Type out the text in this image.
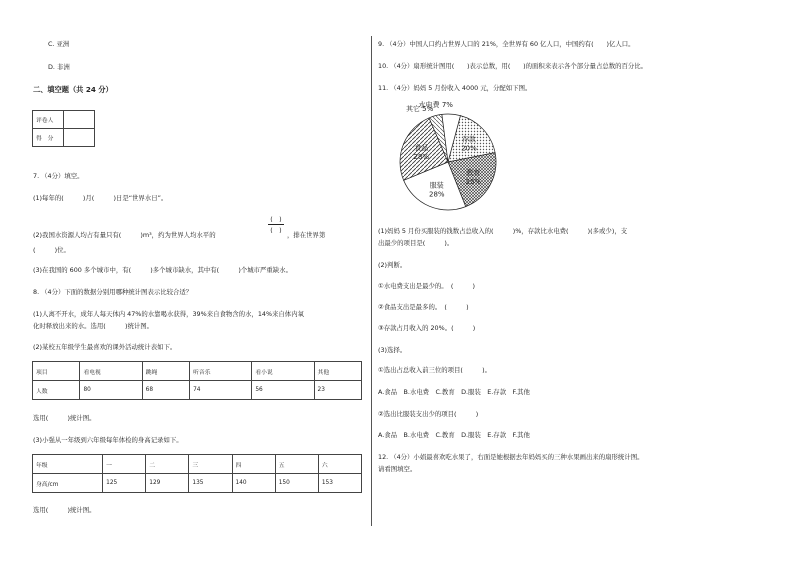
C. 亚洲
D. 非洲
二、填空题（共 24 分）
评卷人	
得　分	
7. （4分）填空。
(1)每年的(　　　)月(　　　)日是“世界水日”。
(2)我国水资源人均占有量只有(　　　)m³，约为世界人均水平的
(　)
(　)
，排在世界第
(　　　)位。
(3)在我国的 600 多个城市中，有(　　　)多个城市缺水，其中有(　　　)个城市严重缺水。
8. （4分）下面的数据分别用哪种统计图表示比较合适？
(1)人离不开水，成年人每天体内 47%的水靠喝水获得，39%来自食物含的水，14%来自体内氧
化时释放出来的水。选用(　　　)统计图。
(2)某校五年级学生最喜欢的课外活动统计表如下。
项目	看电视	跳绳	听音乐	看小说	其他
人数	80	68	74	56	23
选用(　　　)统计图。
(3)小强从一年级到六年级每年体检的身高记录如下。
年级	一	二	三	四	五	六
身高/cm	125	129	135	140	150	153
选用(　　　)统计图。
9. （4分）中国人口约占世界人口的 21%，全世界有 60 亿人口，中国约有(　　)亿人口。
10. （4分）扇形统计图用(　　)表示总数，用(　　)的面积来表示各个部分量占总数的百分比。
11. （4分）妈妈 5 月份收入 4000 元，分配如下图。
存款
20%
教育
25%
服装
28%
食品
28%
其它 5%
水电费 7%
(1)妈妈 5 月份买服装的钱数占总收入的(　　　)%，存款比水电费(　　　)(多或少)，支
出最少的项目是(　　　)。
(2)判断。
①水电费支出是最少的。　(　　　)
②食品支出是最多的。　(　　　)
③存款占月收入的 20%。(　　　)
(3)选择。
①选出占总收入前三位的项目(　　　)。
A.食品　B.水电费　C.教育　D.服装　E.存款　F.其他
②选出比服装支出少的项目(　　　)
A.食品　B.水电费　C.教育　D.服装　E.存款　F.其他
12. （4分）小娟最喜欢吃水果了，右面是她根据去年妈妈买的三种水果画出来的扇形统计图。
请看图填空。
